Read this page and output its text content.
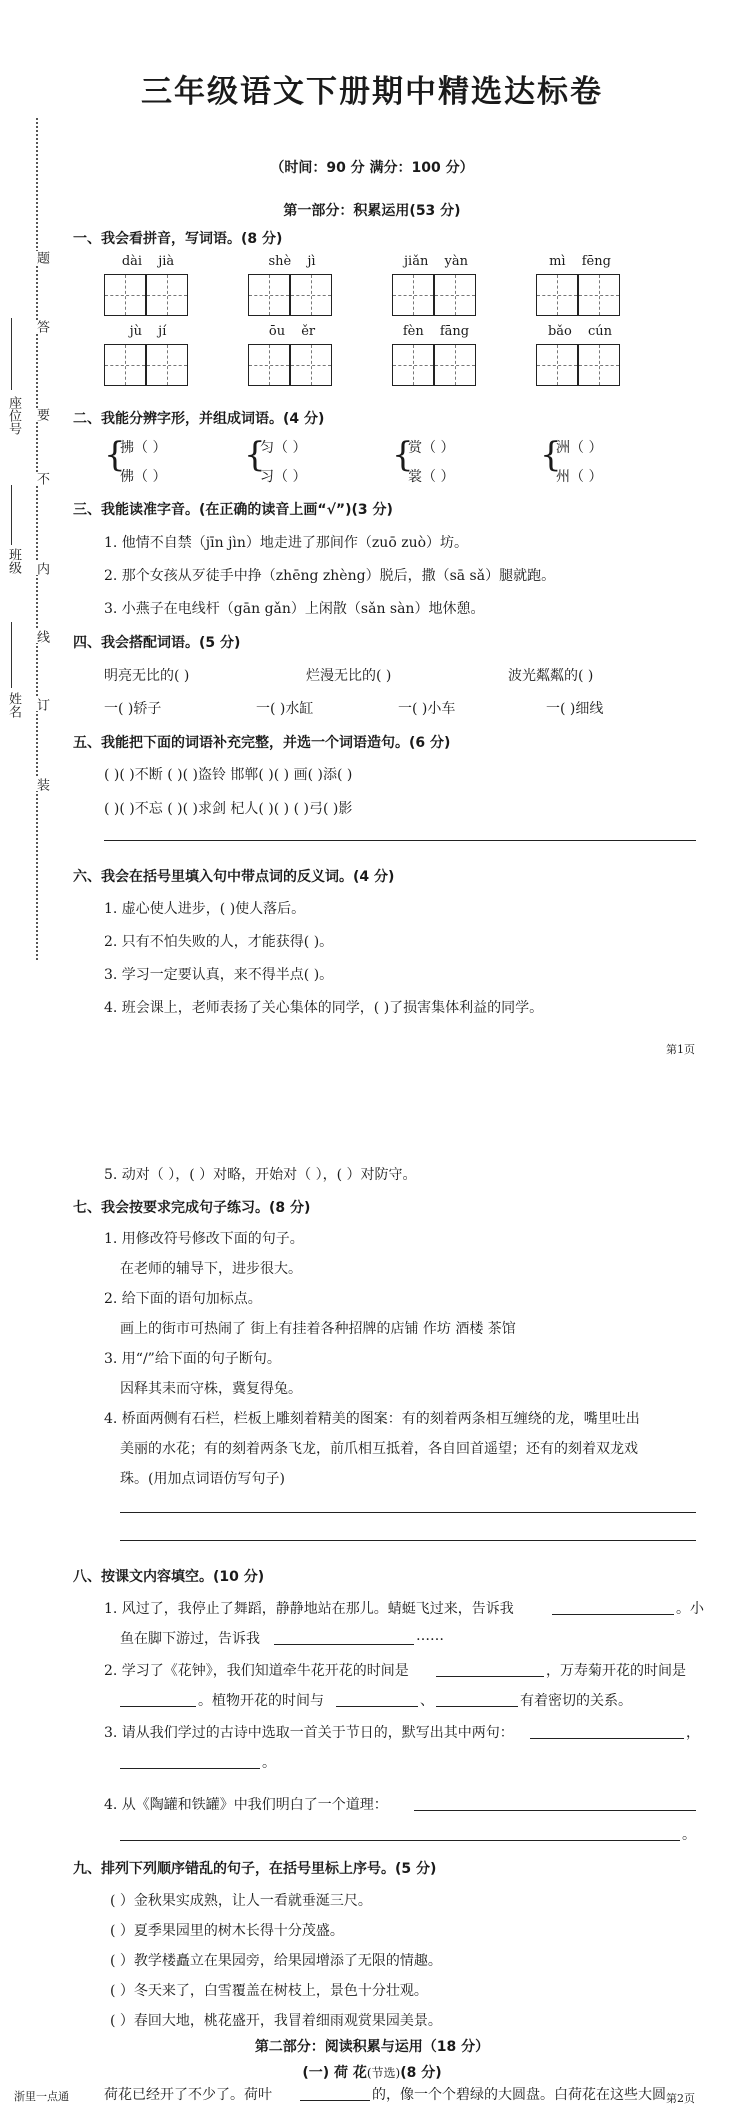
座位号
班级
姓名
题
答
要
不
内
线
订
装
三年级语文下册期中精选达标卷
（时间：90 分 满分：100 分）
第一部分：积累运用(53 分)
一、我会看拼音，写词语。(8 分)
dài jià	shè jì	jiǎn yàn	mì fēng
jù jí	ōu ěr	fèn fāng	bǎo cún
二、我能分辨字形，并组成词语。(4 分)
{
拂（ ）
佛（ ）
{
匀（ ）
习（ ）
{
赏（ ）
裳（ ）
{
洲（ ）
州（ ）
三、我能读准字音。(在正确的读音上画“√”)(3 分)
1. 他情不自禁（jīn jìn）地走进了那间作（zuō zuò）坊。
2. 那个女孩从歹徒手中挣（zhēng zhèng）脱后，撒（sā sǎ）腿就跑。
3. 小燕子在电线杆（gān gǎn）上闲散（sǎn sàn）地休憩。
四、我会搭配词语。(5 分)
明亮无比的( )	烂漫无比的( )	波光粼粼的( )
一( )轿子	一( )水缸	一( )小车	一( )细线
五、我能把下面的词语补充完整，并选一个词语造句。(6 分)
( )( )不断 ( )( )盗铃 邯郸( )( ) 画( )添( )
( )( )不忘 ( )( )求剑 杞人( )( ) ( )弓( )影
六、我会在括号里填入句中带点词的反义词。(4 分)
1. 虚心使人进步，( )使人落后。
2. 只有不怕失败的人，才能获得( )。
3. 学习一定要认真，来不得半点( )。
4. 班会课上，老师表扬了关心集体的同学，( )了损害集体利益的同学。
第1页
5. 动对（ ），( ）对略，开始对（ ），( ）对防守。
七、我会按要求完成句子练习。(8 分)
1. 用修改符号修改下面的句子。
在老师的辅导下，进步很大。
2. 给下面的语句加标点。
画上的街市可热闹了 街上有挂着各种招牌的店铺 作坊 酒楼 茶馆
3. 用“/”给下面的句子断句。
因释其耒而守株，冀复得兔。
4. 桥面两侧有石栏，栏板上雕刻着精美的图案：有的刻着两条相互缠绕的龙，嘴里吐出
美丽的水花；有的刻着两条飞龙，前爪相互抵着，各自回首遥望；还有的刻着双龙戏
珠。(用加点词语仿写句子)
八、按课文内容填空。(10 分)
1. 风过了，我停止了舞蹈，静静地站在那儿。蜻蜓飞过来，告诉我	。小
鱼在脚下游过，告诉我	……
2. 学习了《花钟》，我们知道牵牛花开花的时间是	，万寿菊开花的时间是
。植物开花的时间与	、	有着密切的关系。
3. 请从我们学过的古诗中选取一首关于节日的，默写出其中两句：	，
。
4. 从《陶罐和铁罐》中我们明白了一个道理：
。
九、排列下列顺序错乱的句子，在括号里标上序号。(5 分)
( ）金秋果实成熟，让人一看就垂涎三尺。
( ）夏季果园里的树木长得十分茂盛。
( ）教学楼矗立在果园旁，给果园增添了无限的情趣。
( ）冬天来了，白雪覆盖在树枝上，景色十分壮观。
( ）春回大地，桃花盛开，我冒着细雨观赏果园美景。
第二部分：阅读积累与运用（18 分）
(一) 荷 花(节选)(8 分)
荷花已经开了不少了。荷叶	的，像一个个碧绿的大圆盘。白荷花在这些大圆
浙里一点通	第2页
